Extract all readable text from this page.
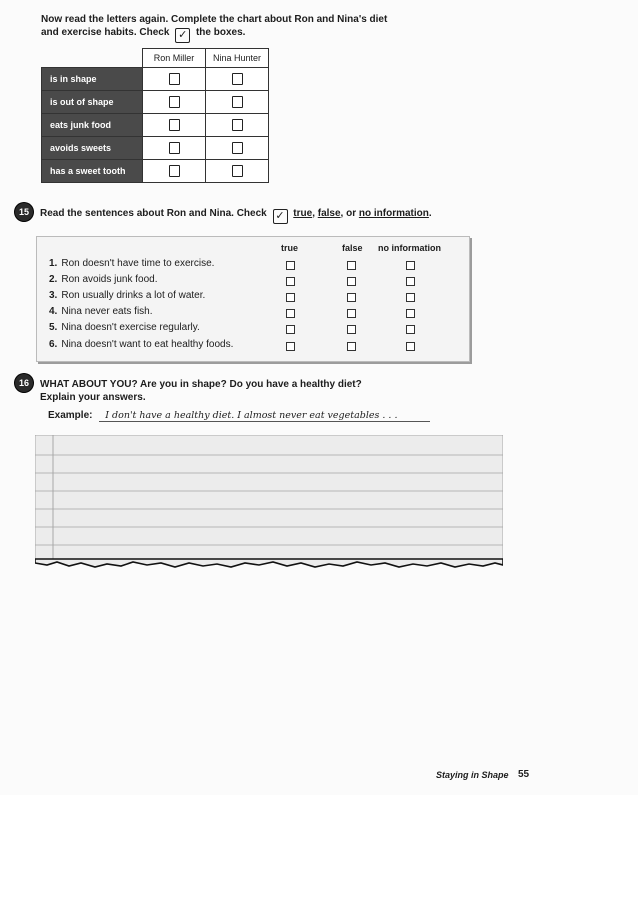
Now read the letters again. Complete the chart about Ron and Nina's diet
and exercise habits. Check ✓ the boxes.
	Ron Miller	Nina Hunter
is in shape		
is out of shape		
eats junk food		
avoids sweets		
has a sweet tooth		
15	Read the sentences about Ron and Nina. Check ✓ true, false, or no information.
true	false no information
1. Ron doesn't have time to exercise.
2. Ron avoids junk food.
3. Ron usually drinks a lot of water.
4. Nina never eats fish.
5. Nina doesn't exercise regularly.
6. Nina doesn't want to eat healthy foods.
16	WHAT ABOUT YOU? Are you in shape? Do you have a healthy diet?
Explain your answers.
Example: I don't have a healthy diet. I almost never eat vegetables . . .
Staying in Shape 55
